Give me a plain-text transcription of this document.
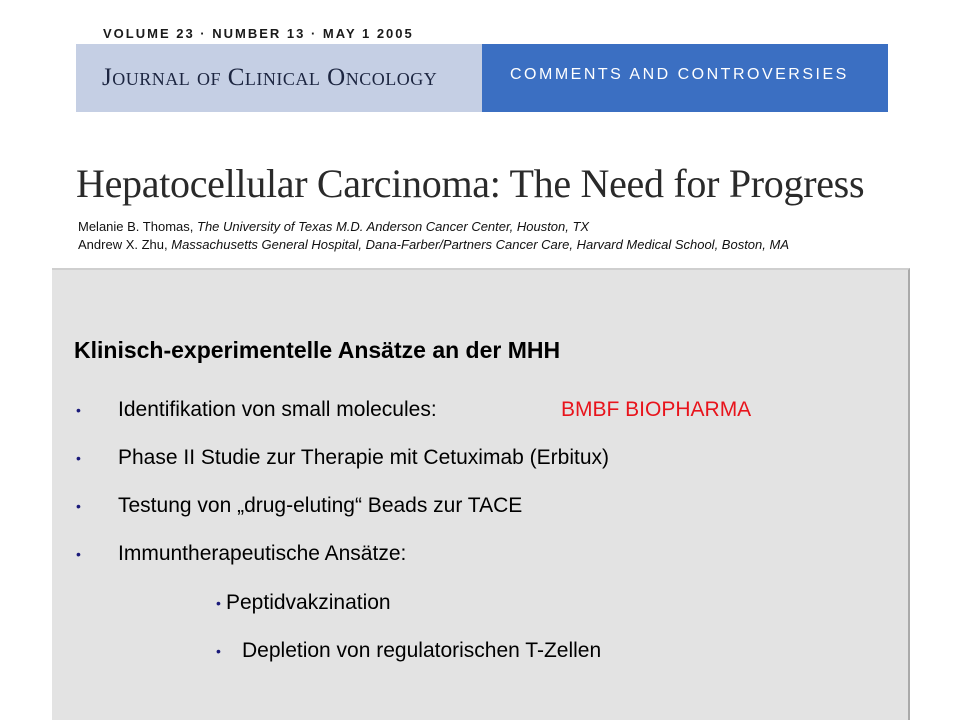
VOLUME 23 · NUMBER 13 · MAY 1 2005
Journal of Clinical Oncology	COMMENTS AND CONTROVERSIES
Hepatocellular Carcinoma: The Need for Progress
Melanie B. Thomas, The University of Texas M.D. Anderson Cancer Center, Houston, TX
Andrew X. Zhu, Massachusetts General Hospital, Dana-Farber/Partners Cancer Care, Harvard Medical School, Boston, MA
Klinisch-experimentelle Ansätze an der MHH
• Identifikation von small molecules:	BMBF BIOPHARMA
• Phase II Studie zur Therapie mit Cetuximab (Erbitux)
• Testung von „drug-eluting“ Beads zur TACE
• Immuntherapeutische Ansätze:
• Peptidvakzination
• Depletion von regulatorischen T-Zellen
